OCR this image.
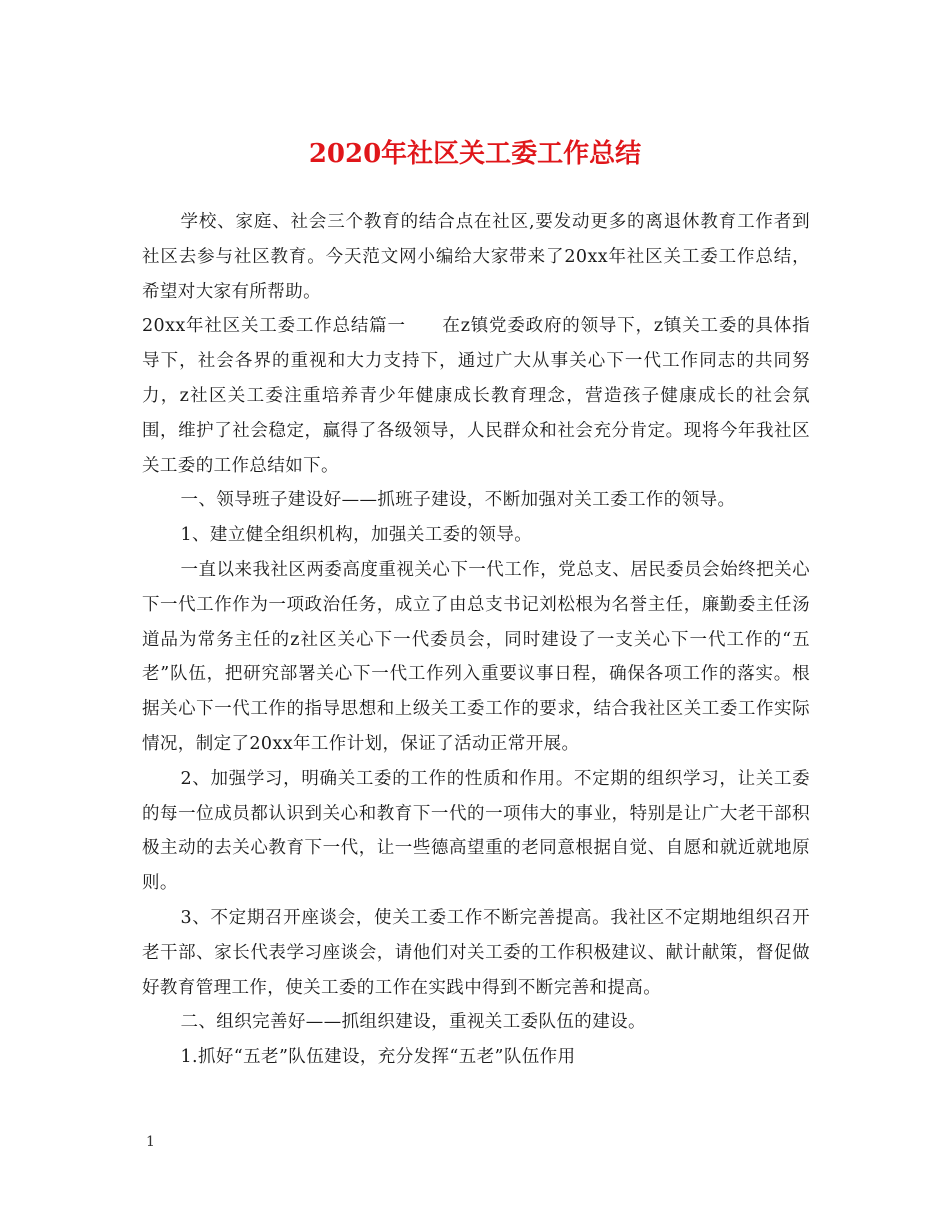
2020年社区关工委工作总结

学校、家庭、社会三个教育的结合点在社区,要发动更多的离退休教育工作者到社区去参与社区教育。今天范文网小编给大家带来了20xx年社区关工委工作总结，希望对大家有所帮助。

20xx年社区关工委工作总结篇一　　在z镇党委政府的领导下，z镇关工委的具体指导下，社会各界的重视和大力支持下，通过广大从事关心下一代工作同志的共同努力，z社区关工委注重培养青少年健康成长教育理念，营造孩子健康成长的社会氛围，维护了社会稳定，赢得了各级领导，人民群众和社会充分肯定。现将今年我社区关工委的工作总结如下。

一、领导班子建设好——抓班子建设，不断加强对关工委工作的领导。

1、建立健全组织机构，加强关工委的领导。

一直以来我社区两委高度重视关心下一代工作，党总支、居民委员会始终把关心下一代工作作为一项政治任务，成立了由总支书记刘松根为名誉主任，廉勤委主任汤道品为常务主任的z社区关心下一代委员会，同时建设了一支关心下一代工作的“五老”队伍，把研究部署关心下一代工作列入重要议事日程，确保各项工作的落实。根据关心下一代工作的指导思想和上级关工委工作的要求，结合我社区关工委工作实际情况，制定了20xx年工作计划，保证了活动正常开展。

2、加强学习，明确关工委的工作的性质和作用。不定期的组织学习，让关工委的每一位成员都认识到关心和教育下一代的一项伟大的事业，特别是让广大老干部积极主动的去关心教育下一代，让一些德高望重的老同意根据自觉、自愿和就近就地原则。

3、不定期召开座谈会，使关工委工作不断完善提高。我社区不定期地组织召开老干部、家长代表学习座谈会，请他们对关工委的工作积极建议、献计献策，督促做好教育管理工作，使关工委的工作在实践中得到不断完善和提高。

二、组织完善好——抓组织建设，重视关工委队伍的建设。

1.抓好“五老”队伍建设，充分发挥“五老”队伍作用

1
